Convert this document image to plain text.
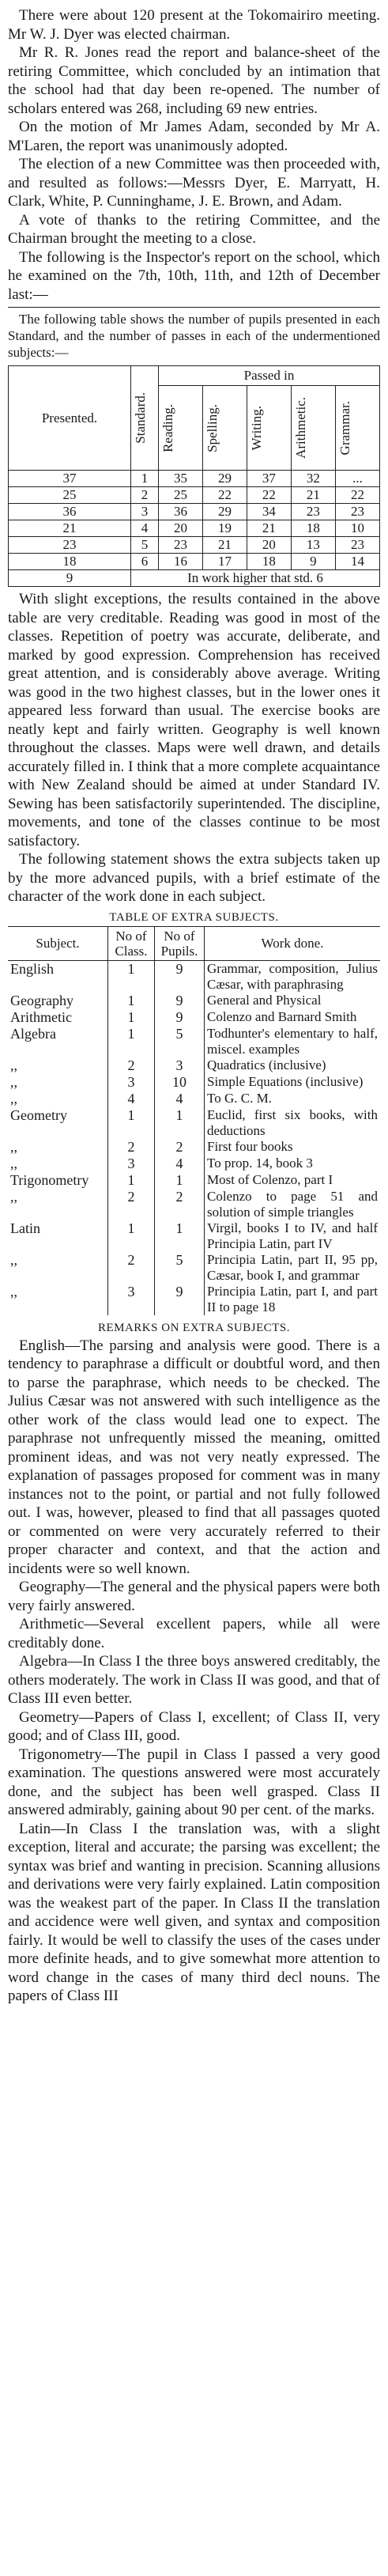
There were about 120 present at the Tokomairiro meeting. Mr W. J. Dyer was elected chairman.

Mr R. R. Jones read the report and balance-sheet of the retiring Committee, which concluded by an intimation that the school had that day been re-opened. The number of scholars entered was 268, including 69 new entries.

On the motion of Mr James Adam, seconded by Mr A. M'Laren, the report was unanimously adopted.

The election of a new Committee was then proceeded with, and resulted as follows:—Messrs Dyer, E. Marryatt, H. Clark, White, P. Cunninghame, J. E. Brown, and Adam.

A vote of thanks to the retiring Committee, and the Chairman brought the meeting to a close.

The following is the Inspector's report on the school, which he examined on the 7th, 10th, 11th, and 12th of December last:—

The following table shows the number of pupils presented in each Standard, and the number of passes in each of the undermentioned subjects:—

Presented.	Standard.	Passed in				

		Reading.	Spelling.	Writing.	Arithmetic.	Grammar.

37	1	35	29	37	32	...
25	2	25	22	22	21	22
36	3	36	29	34	23	23
21	4	20	19	21	18	10
23	5	23	21	20	13	23
18	6	16	17	18	9	14
9	In work higher that std. 6					

With slight exceptions, the results contained in the above table are very creditable. Reading was good in most of the classes. Repetition of poetry was accurate, deliberate, and marked by good expression. Comprehension has received great attention, and is considerably above average. Writing was good in the two highest classes, but in the lower ones it appeared less forward than usual. The exercise books are neatly kept and fairly written. Geography is well known throughout the classes. Maps were well drawn, and details accurately filled in. I think that a more complete acquaintance with New Zealand should be aimed at under Standard IV. Sewing has been satisfactorily superintended. The discipline, movements, and tone of the classes continue to be most satisfactory.

The following statement shows the extra subjects taken up by the more advanced pupils, with a brief estimate of the character of the work done in each subject.

TABLE OF EXTRA SUBJECTS.
Subject.	No of Class.	No of Pupils.	Work done.
English	1	9	Grammar, composition, Julius Cæsar, with paraphrasing
Geography	1	9	General and Physical
Arithmetic	1	9	Colenzo and Barnard Smith
Algebra	1	5	Todhunter's elementary to half, miscel. examples
,,	2	3	Quadratics (inclusive)
,,	3	10	Simple Equations (inclusive)
,,	4	4	To G. C. M.
Geometry	1	1	Euclid, first six books, with deductions
,,	2	2	First four books
,,	3	4	To prop. 14, book 3
Trigonometry	1	1	Most of Colenzo, part I
,,	2	2	Colenzo to page 51 and solution of simple triangles
Latin	1	1	Virgil, books I to IV, and half Principia Latin, part IV
,,	2	5	Principia Latin, part II, 95 pp, Cæsar, book I, and grammar
,,	3	9	Principia Latin, part I, and part II to page 18
REMARKS ON EXTRA SUBJECTS.

English—The parsing and analysis were good. There is a tendency to paraphrase a difficult or doubtful word, and then to parse the paraphrase, which needs to be checked. The Julius Cæsar was not answered with such intelligence as the other work of the class would lead one to expect. The paraphrase not unfrequently missed the meaning, omitted prominent ideas, and was not very neatly expressed. The explanation of passages proposed for comment was in many instances not to the point, or partial and not fully followed out. I was, however, pleased to find that all passages quoted or commented on were very accurately referred to their proper character and context, and that the action and incidents were so well known.

Geography—The general and the physical papers were both very fairly answered.

Arithmetic—Several excellent papers, while all were creditably done.

Algebra—In Class I the three boys answered creditably, the others moderately. The work in Class II was good, and that of Class III even better.

Geometry—Papers of Class I, excellent; of Class II, very good; and of Class III, good.

Trigonometry—The pupil in Class I passed a very good examination. The questions answered were most accurately done, and the subject has been well grasped. Class II answered admirably, gaining about 90 per cent. of the marks.

Latin—In Class I the translation was, with a slight exception, literal and accurate; the parsing was excellent; the syntax was brief and wanting in precision. Scanning allusions and derivations were very fairly explained. Latin composition was the weakest part of the paper. In Class II the translation and accidence were well given, and syntax and composition fairly. It would be well to classify the uses of the cases under more definite heads, and to give somewhat more attention to word change in the cases of many third decl nouns. The papers of Class III
